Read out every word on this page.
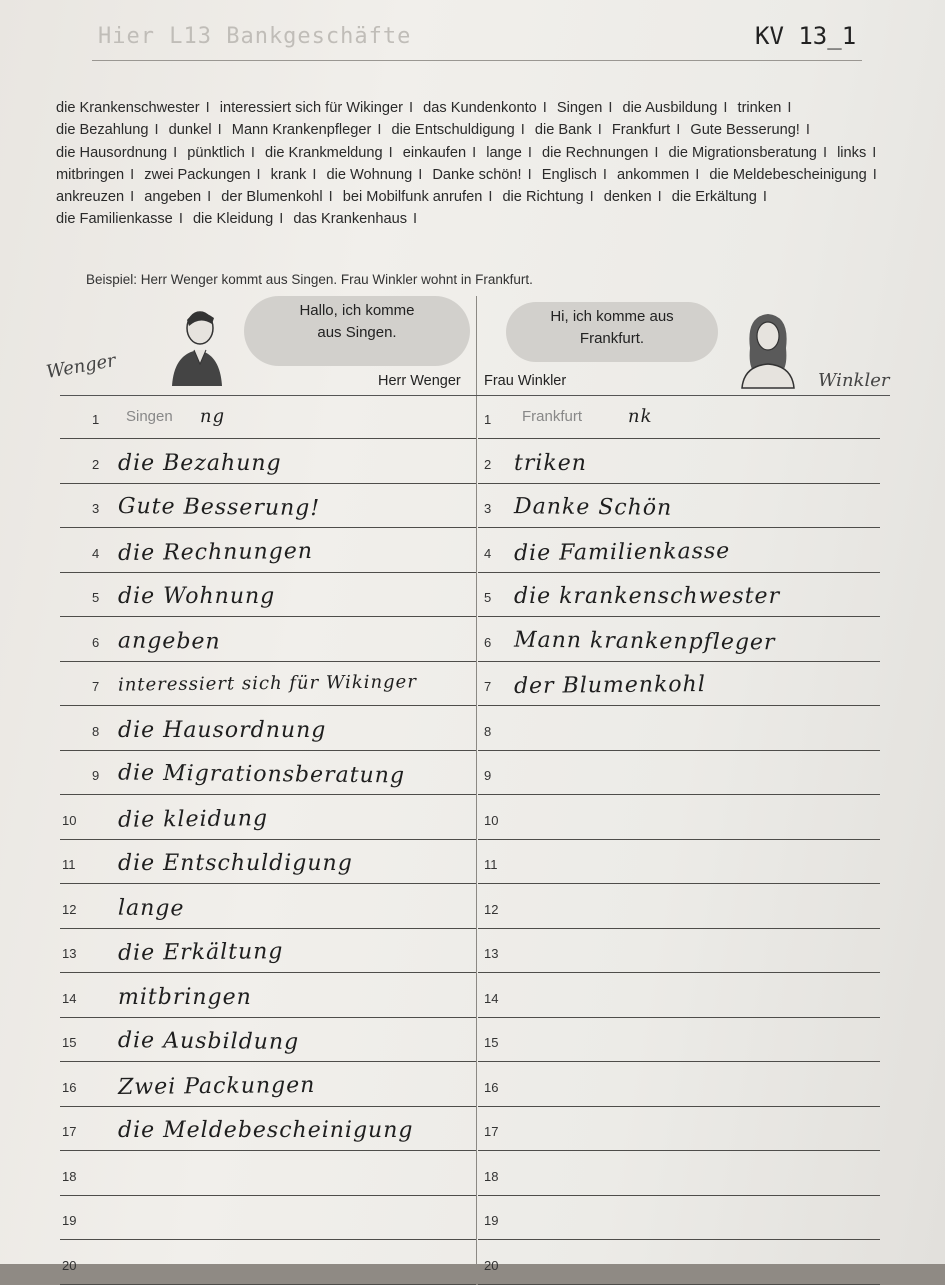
Hier L13 Bankgeschäfte	KV 13_1
die Krankenschwester I interessiert sich für Wikinger I das Kundenkonto I Singen I die Ausbildung I trinken I die Bezahlung I dunkel I Mann Krankenpfleger I die Entschuldigung I die Bank I Frankfurt I Gute Besserung! I die Hausordnung I pünktlich I die Krankmeldung I einkaufen I lange I die Rechnungen I die Migrationsberatung I links I mitbringen I zwei Packungen I krank I die Wohnung I Danke schön! I Englisch I ankommen I die Meldebescheinigung I ankreuzen I angeben I der Blumenkohl I bei Mobilfunk anrufen I die Richtung I denken I die Erkältung I die Familienkasse I die Kleidung I das Krankenhaus I
Beispiel: Herr Wenger kommt aus Singen. Frau Winkler wohnt in Frankfurt.
Hallo, ich komme
aus Singen.
Hi, ich komme aus
Frankfurt.
Wenger	Winkler
Herr Wenger Frau Winkler
1 Singen ng
2 die Bezahung
3 Gute Besserung!
4 die Rechnungen
5 die Wohnung
6 angeben
7 interessiert sich für Wikinger
8 die Hausordnung
9 die Migrationsberatung
10 die kleidung
11 die Entschuldigung
12 lange
13 die Erkältung
14 mitbringen
15 die Ausbildung
16 Zwei Packungen
17 die Meldebescheinigung
18
19
20
1 Frankfurt	nk
2 triken
3 Danke Schön
4 die Familienkasse
5 die krankenschwester
6 Mann krankenpfleger
7 der Blumenkohl
8
9
10
11
12
13
14
15
16
17
18
19
20
